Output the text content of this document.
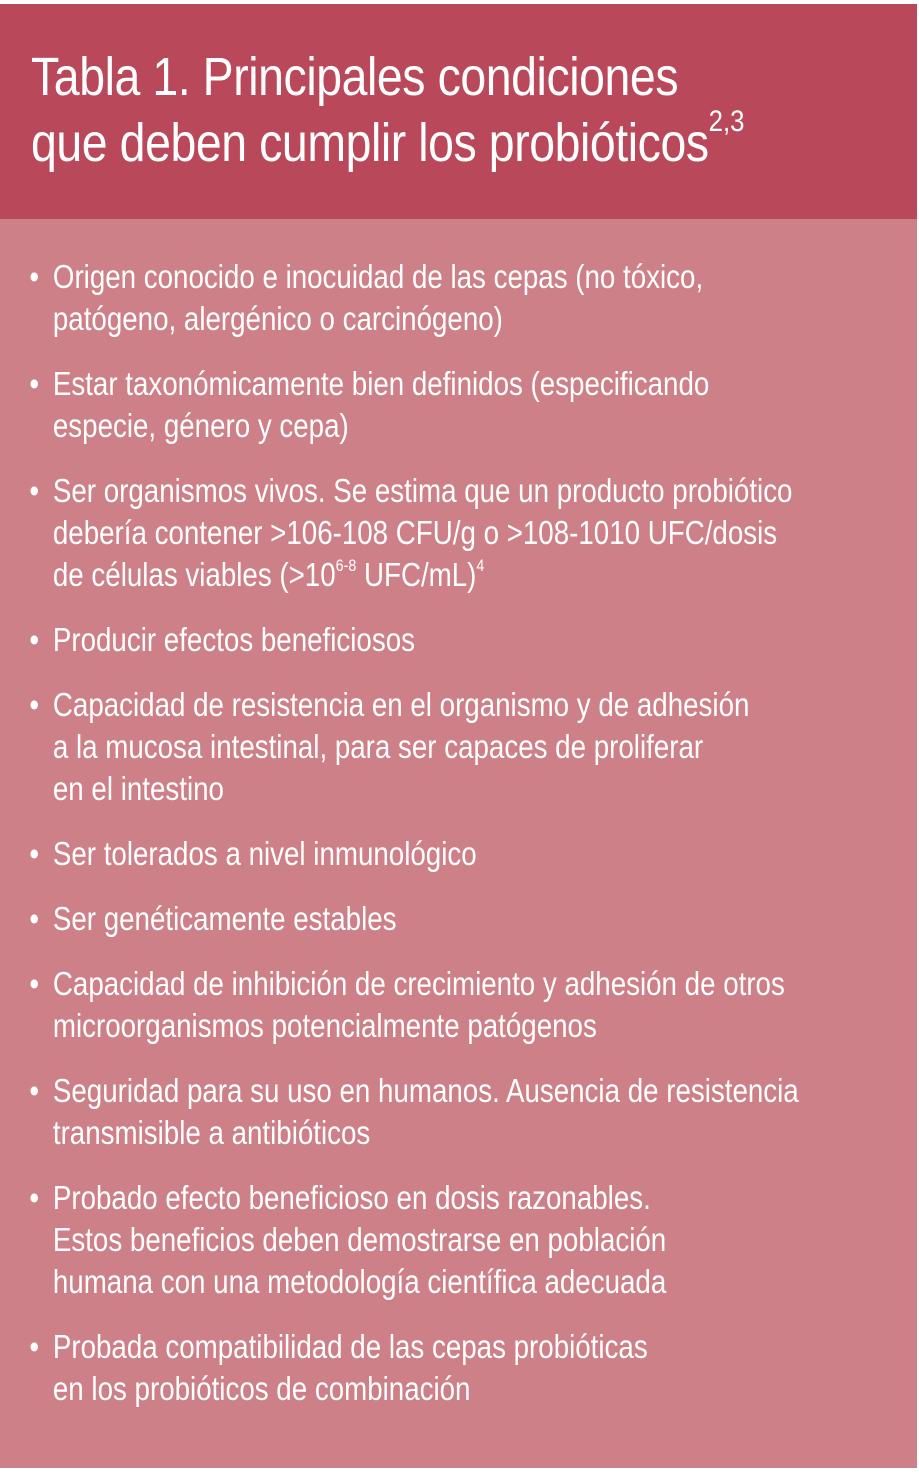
Tabla 1. Principales condiciones
que deben cumplir los probióticos$^{2,3}$
• Origen conocido e inocuidad de las cepas (no tóxico,
patógeno, alergénico o carcinógeno)
• Estar taxonómicamente bien definidos (especificando
especie, género y cepa)
• Ser organismos vivos. Se estima que un producto probiótico
debería contener >106-108 CFU/g o >108-1010 UFC/dosis
de células viables ($>10^{6-8}$ UFC/mL)$^4$
• Producir efectos beneficiosos
• Capacidad de resistencia en el organismo y de adhesión
a la mucosa intestinal, para ser capaces de proliferar
en el intestino
• Ser tolerados a nivel inmunológico
• Ser genéticamente estables
• Capacidad de inhibición de crecimiento y adhesión de otros
microorganismos potencialmente patógenos
• Seguridad para su uso en humanos. Ausencia de resistencia
transmisible a antibióticos
• Probado efecto beneficioso en dosis razonables.
Estos beneficios deben demostrarse en población
humana con una metodología científica adecuada
• Probada compatibilidad de las cepas probióticas
en los probióticos de combinación
